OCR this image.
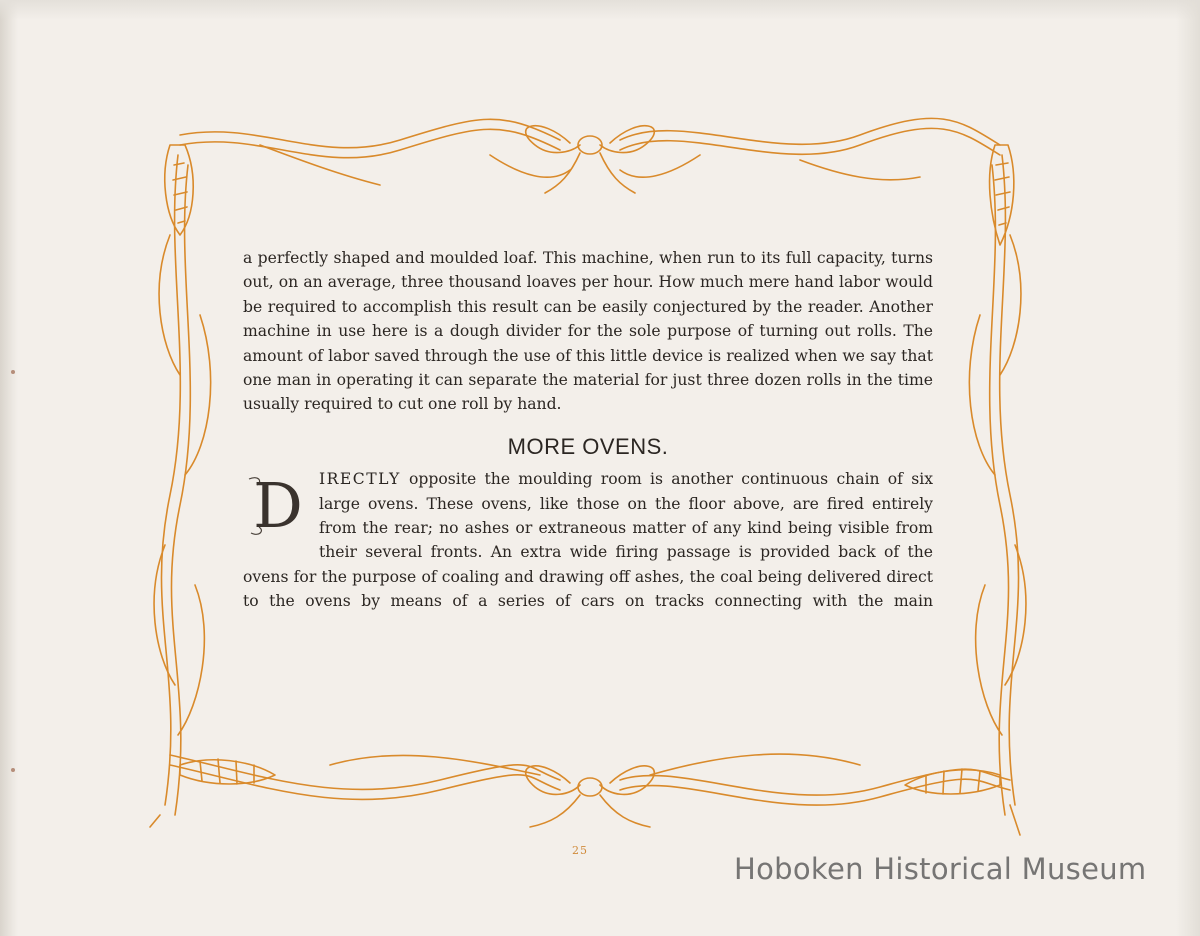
a perfectly shaped and moulded loaf. This machine, when run to its full capacity, turns out, on an average, three thousand loaves per hour. How much mere hand labor would be required to accomplish this result can be easily conjectured by the reader. Another machine in use here is a dough divider for the sole purpose of turning out rolls. The amount of labor saved through the use of this little device is realized when we say that one man in operating it can separate the material for just three dozen rolls in the time usually required to cut one roll by hand.

MORE OVENS.

D IRECTLY opposite the moulding room is another continuous chain of six large ovens. These ovens, like those on the floor above, are fired entirely from the rear; no ashes or extraneous matter of any kind being visible from their several fronts. An extra wide firing passage is provided back of the ovens for the purpose of coaling and drawing off ashes, the coal being delivered direct to the ovens by means of a series of cars on tracks connecting with the main

25
Hoboken Historical Museum
